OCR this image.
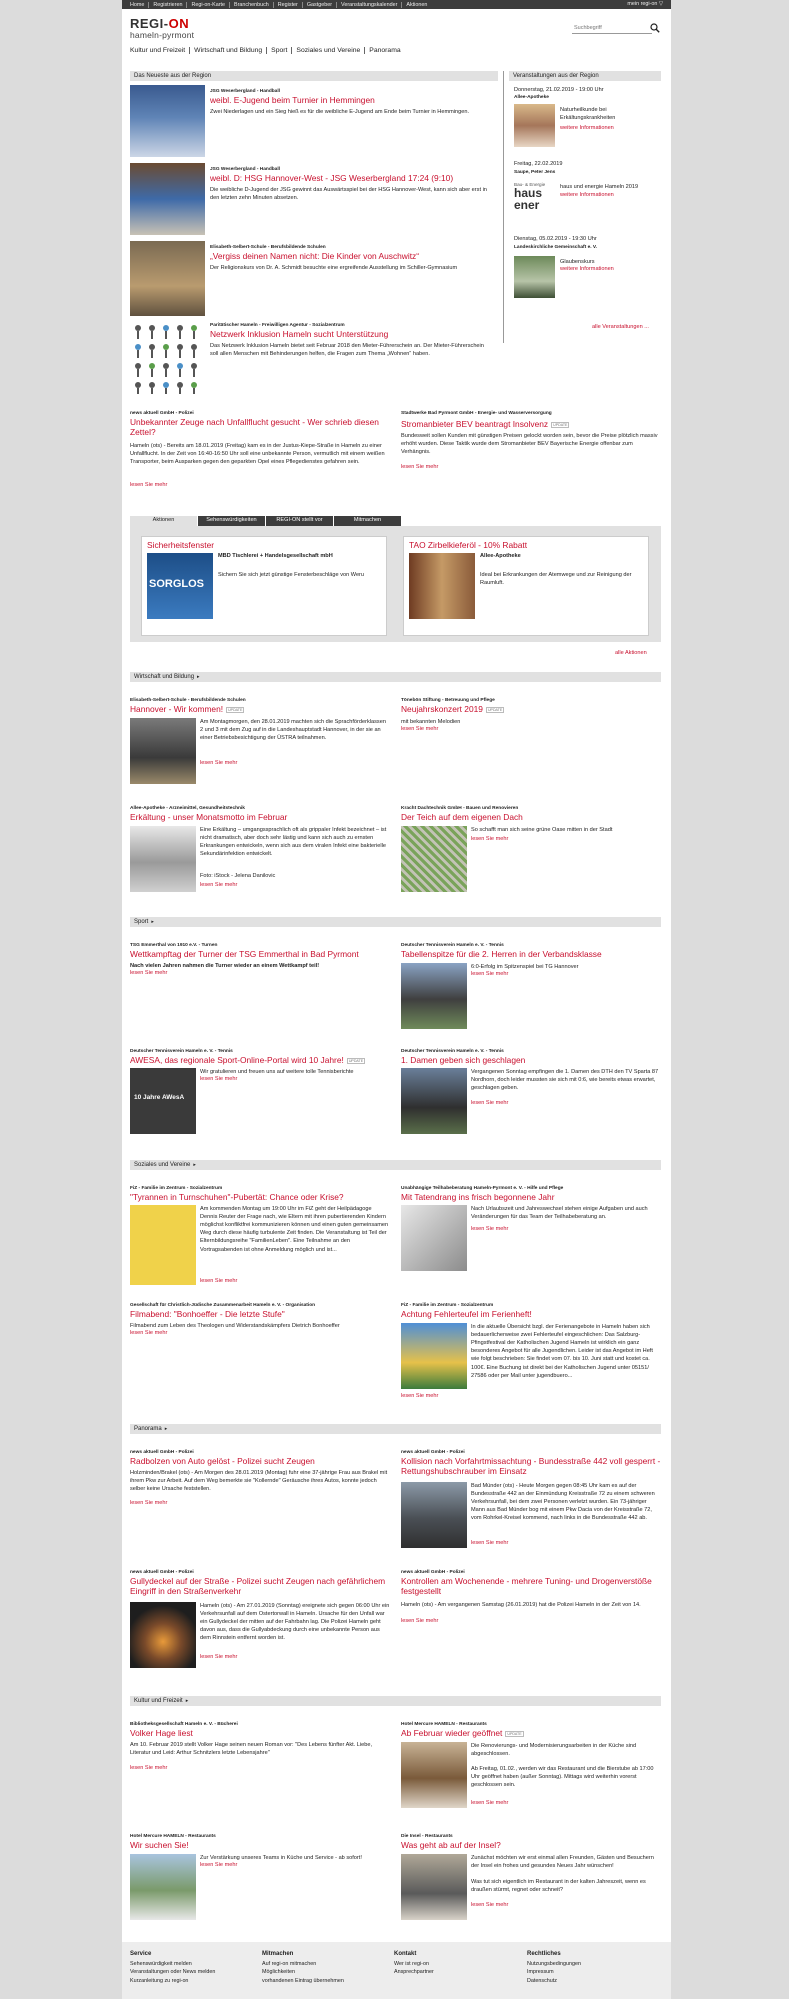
Home	Registrieren	Regi-on-Karte	Branchenbuch	Register	Gastgeber	Veranstaltungskalender	Aktionen	mein regi-on ▽
REGI-ON
hameln-pyrmont
Suchbegriff
Kultur und Freizeit	Wirtschaft und Bildung	Sport	Soziales und Vereine	Panorama
Das Neueste aus der Region
JSG Weserbergland - Handball
weibl. E-Jugend beim Turnier in Hemmingen
Zwei Niederlagen und ein Sieg hieß es für die weibliche E-Jugend am Ende beim Turnier in Hemmingen.
JSG Weserbergland - Handball
weibl. D: HSG Hannover-West - JSG Weserbergland 17:24 (9:10)
Die weibliche D-Jugend der JSG gewinnt das Auswärtsspiel bei der HSG Hannover-West, kann sich aber erst in den letzten zehn Minuten absetzen.
Elisabeth-Selbert-Schule - Berufsbildende Schulen
„Vergiss deinen Namen nicht: Die Kinder von Auschwitz“
Der Religionskurs von Dr. A. Schmidt besuchte eine ergreifende Ausstellung im Schiller-Gymnasium
Paritätischer Hameln - Freiwilligen Agentur - Sozialzentrum
Netzwerk Inklusion Hameln sucht Unterstützung
Das Netzwerk Inklusion Hameln bietet seit Februar 2018 den Mieter-Führerschein an. Der Mieter-Führerschein soll allen Menschen mit Behinderungen helfen, die Fragen zum Thema „Wohnen“ haben.
Veranstaltungen aus der Region
Donnerstag, 21.02.2019 - 19:00 Uhr
Allee-Apotheke
Naturheilkunde bei Erkältungskrankheiten
weitere Informationen
Freitag, 22.02.2019
Saupe, Peter Jens
Bau- & Energie
haus
ener
haus und energie Hameln 2019
weitere Informationen
Dienstag, 05.02.2019 - 19:30 Uhr
Landeskirchliche Gemeinschaft e. V.
Glaubenskurs
weitere Informationen
alle Veranstaltungen ...
news aktuell GmbH - Polizei
Unbekannter Zeuge nach Unfallflucht gesucht - Wer schrieb diesen Zettel?
Hameln (ots) - Bereits am 18.01.2019 (Freitag) kam es in der Justus-Kiepe-Straße in Hameln zu einer Unfallflucht. In der Zeit von 16:40-16:50 Uhr soll eine unbekannte Person, vermutlich mit einem weißen Transporter, beim Ausparken gegen den geparkten Opel eines Pflegedienstes gefahren sein.
lesen Sie mehr
Stadtwerke Bad Pyrmont GmbH - Energie- und Wasserversorgung
Stromanbieter BEV beantragt Insolvenz UPDATE
Bundesweit sollen Kunden mit günstigen Preisen gelockt worden sein, bevor die Preise plötzlich massiv erhöht wurden. Diese Taktik wurde dem Stromanbieter BEV Bayerische Energie offenbar zum Verhängnis.
lesen Sie mehr
Aktionen	Sehenswürdigkeiten	REGI-ON stellt vor	Mitmachen
Sicherheitsfenster
SORGLOS
MBD Tischlerei + Handelsgesellschaft mbH
Sichern Sie sich jetzt günstige Fensterbeschläge von Weru
TAO Zirbelkieferöl - 10% Rabatt
Allee-Apotheke
Ideal bei Erkrankungen der Atemwege und zur Reinigung der Raumluft.
alle Aktionen
Wirtschaft und Bildung ▸
Elisabeth-Selbert-Schule - Berufsbildende Schulen
Hannover - Wir kommen! UPDATE
Am Montagmorgen, den 28.01.2019 machten sich die Sprachförderklassen 2 und 3 mit dem Zug auf in die Landeshauptstadt Hannover, in der sie an einer Betriebsbesichtigung der ÜSTRA teilnahmen.
lesen Sie mehr
Tönebön Stiftung - Betreuung und Pflege
Neujahrskonzert 2019 UPDATE
mit bekannten Melodien
lesen Sie mehr
Allee-Apotheke - Arzneimittel, Gesundheitstechnik
Erkältung - unser Monatsmotto im Februar
Eine Erkältung – umgangssprachlich oft als grippaler Infekt bezeichnet – ist nicht dramatisch, aber doch sehr lästig und kann sich auch zu ernsten Erkrankungen entwickeln, wenn sich aus dem viralen Infekt eine bakterielle Sekundärinfektion entwickelt.
Foto: iStock - Jelena Danilovic
lesen Sie mehr
Kracht Dachtechnik GmbH - Bauen und Renovieren
Der Teich auf dem eigenen Dach
So schafft man sich seine grüne Oase mitten in der Stadt
lesen Sie mehr
Sport ▸
TSG Emmerthal von 1910 e.V. - Turnen
Wettkampftag der Turner der TSG Emmerthal in Bad Pyrmont
Nach vielen Jahren nahmen die Turner wieder an einem Wettkampf teil!
lesen Sie mehr
Deutscher Tennisverein Hameln e. V. - Tennis
Tabellenspitze für die 2. Herren in der Verbandsklasse
6:0-Erfolg im Spitzenspiel bei TG Hannover
lesen Sie mehr
Deutscher Tennisverein Hameln e. V. - Tennis
AWESA, das regionale Sport-Online-Portal wird 10 Jahre! UPDATE
10 Jahre AWesA
Wir gratulieren und freuen uns auf weitere tolle Tennisberichte
lesen Sie mehr
Deutscher Tennisverein Hameln e. V. - Tennis
1. Damen geben sich geschlagen
Vergangenen Sonntag empfingen die 1. Damen des DTH den TV Sparta 87 Nordhorn, doch leider mussten sie sich mit 0:6, wie bereits etwas erwartet, geschlagen geben.
lesen Sie mehr
Soziales und Vereine ▸
FiZ - Familie im Zentrum - Sozialzentrum
"Tyrannen in Turnschuhen"-Pubertät: Chance oder Krise?
Am kommenden Montag um 19:00 Uhr im FiZ geht der Heilpädagoge Dennis Reuter der Frage nach, wie Eltern mit ihren pubertierenden Kindern möglichst konfliktfrei kommunizieren können und einen guten gemeinsamen Weg durch diese häufig turbulente Zeit finden. Die Veranstaltung ist Teil der Elternbildungsreihe "FamilienLeben". Eine Teilnahme an den Vortragsabenden ist ohne Anmeldung möglich und ist...
lesen Sie mehr
Unabhängige Teilhabeberatung Hameln-Pyrmont e. V. - Hilfe und Pflege
Mit Tatendrang ins frisch begonnene Jahr
Nach Urlaubszeit und Jahreswechsel stehen einige Aufgaben und auch Veränderungen für das Team der Teilhabeberatung an.
lesen Sie mehr
Gesellschaft für Christlich-Jüdische Zusammenarbeit Hameln e. V. - Organisation
Filmabend: "Bonhoeffer - Die letzte Stufe"
Filmabend zum Leben des Theologen und Widerstandskämpfers Dietrich Bonhoeffer
lesen Sie mehr
FiZ - Familie im Zentrum - Sozialzentrum
Achtung Fehlerteufel im Ferienheft!
In die aktuelle Übersicht bzgl. der Ferienangebote in Hameln haben sich bedauerlicherweise zwei Fehlerteufel eingeschlichen: Das Salzburg-Pfingstfestival der Katholischen Jugend Hameln ist wirklich ein ganz besonderes Angebot für alle Jugendlichen. Leider ist das Angebot im Heft wie folgt beschrieben: Sie findet vom 07. bis 10. Juni statt und kostet ca. 100€. Eine Buchung ist direkt bei der Katholischen Jugend unter 05151/ 27586 oder per Mail unter jugendbuero...
lesen Sie mehr
Panorama ▸
news aktuell GmbH - Polizei
Radbolzen von Auto gelöst - Polizei sucht Zeugen
Holzminden/Brakel (ots) - Am Morgen des 28.01.2019 (Montag) fuhr eine 37-jährige Frau aus Brakel mit ihrem Pkw zur Arbeit. Auf dem Weg bemerkte sie "Kollernde" Geräusche ihres Autos, konnte jedoch selber keine Ursache feststellen.
lesen Sie mehr
news aktuell GmbH - Polizei
Kollision nach Vorfahrtmissachtung - Bundesstraße 442 voll gesperrt - Rettungshubschrauber im Einsatz
Bad Münder (ots) - Heute Morgen gegen 08:45 Uhr kam es auf der Bundesstraße 442 an der Einmündung Kreisstraße 72 zu einem schweren Verkehrsunfall, bei dem zwei Personen verletzt wurden. Ein 73-jähriger Mann aus Bad Münder bog mit einem Pkw Dacia von der Kreisstraße 72, vom Rohrkel-Kreisel kommend, nach links in die Bundesstraße 442 ab.
lesen Sie mehr
news aktuell GmbH - Polizei
Gullydeckel auf der Straße - Polizei sucht Zeugen nach gefährlichem Eingriff in den Straßenverkehr
Hameln (ots) - Am 27.01.2019 (Sonntag) ereignete sich gegen 06:00 Uhr ein Verkehrsunfall auf dem Ostertorwall in Hameln. Ursache für den Unfall war ein Gullydeckel der mitten auf der Fahrbahn lag. Die Polizei Hameln geht davon aus, dass die Gullyabdeckung durch eine unbekannte Person aus dem Rinnstein entfernt worden ist.
lesen Sie mehr
news aktuell GmbH - Polizei
Kontrollen am Wochenende - mehrere Tuning- und Drogenverstöße festgestellt
Hameln (ots) - Am vergangenen Samstag (26.01.2019) hat die Polizei Hameln in der Zeit von 14.
lesen Sie mehr
Kultur und Freizeit ▸
Bibliotheksgesellschaft Hameln e. V. - Bücherei
Volker Hage liest
Am 10. Februar 2019 stellt Volker Hage seinen neuen Roman vor: "Des Lebens fünfter Akt. Liebe, Literatur und Leid: Arthur Schnitzlers letzte Lebensjahre"
lesen Sie mehr
Hotel Mercure HAMELN - Restaurants
Ab Februar wieder geöffnet UPDATE
Die Renovierungs- und Modernisierungsarbeiten in der Küche sind abgeschlossen.
Ab Freitag, 01.02., werden wir das Restaurant und die Bierstube ab 17:00 Uhr geöffnet haben (außer Sonntag). Mittags wird weiterhin vorerst geschlossen sein.
lesen Sie mehr
Hotel Mercure HAMELN - Restaurants
Wir suchen Sie!
Zur Verstärkung unseres Teams in Küche und Service - ab sofort!
lesen Sie mehr
Die Insel - Restaurants
Was geht ab auf der Insel?
Zunächst möchten wir erst einmal allen Freunden, Gästen und Besuchern der Insel ein frohes und gesundes Neues Jahr wünschen!
Was tut sich eigentlich im Restaurant in der kalten Jahreszeit, wenn es draußen stürmt, regnet oder schneit?
lesen Sie mehr
Service
Sehenswürdigkeit melden
Veranstaltungen oder News melden
Kurzanleitung zu regi-on
Mitmachen
Auf regi-on mitmachen
Möglichkeiten
vorhandenen Eintrag übernehmen
Kontakt
Wer ist regi-on
Ansprechpartner
Rechtliches
Nutzungsbedingungen
Impressum
Datenschutz
